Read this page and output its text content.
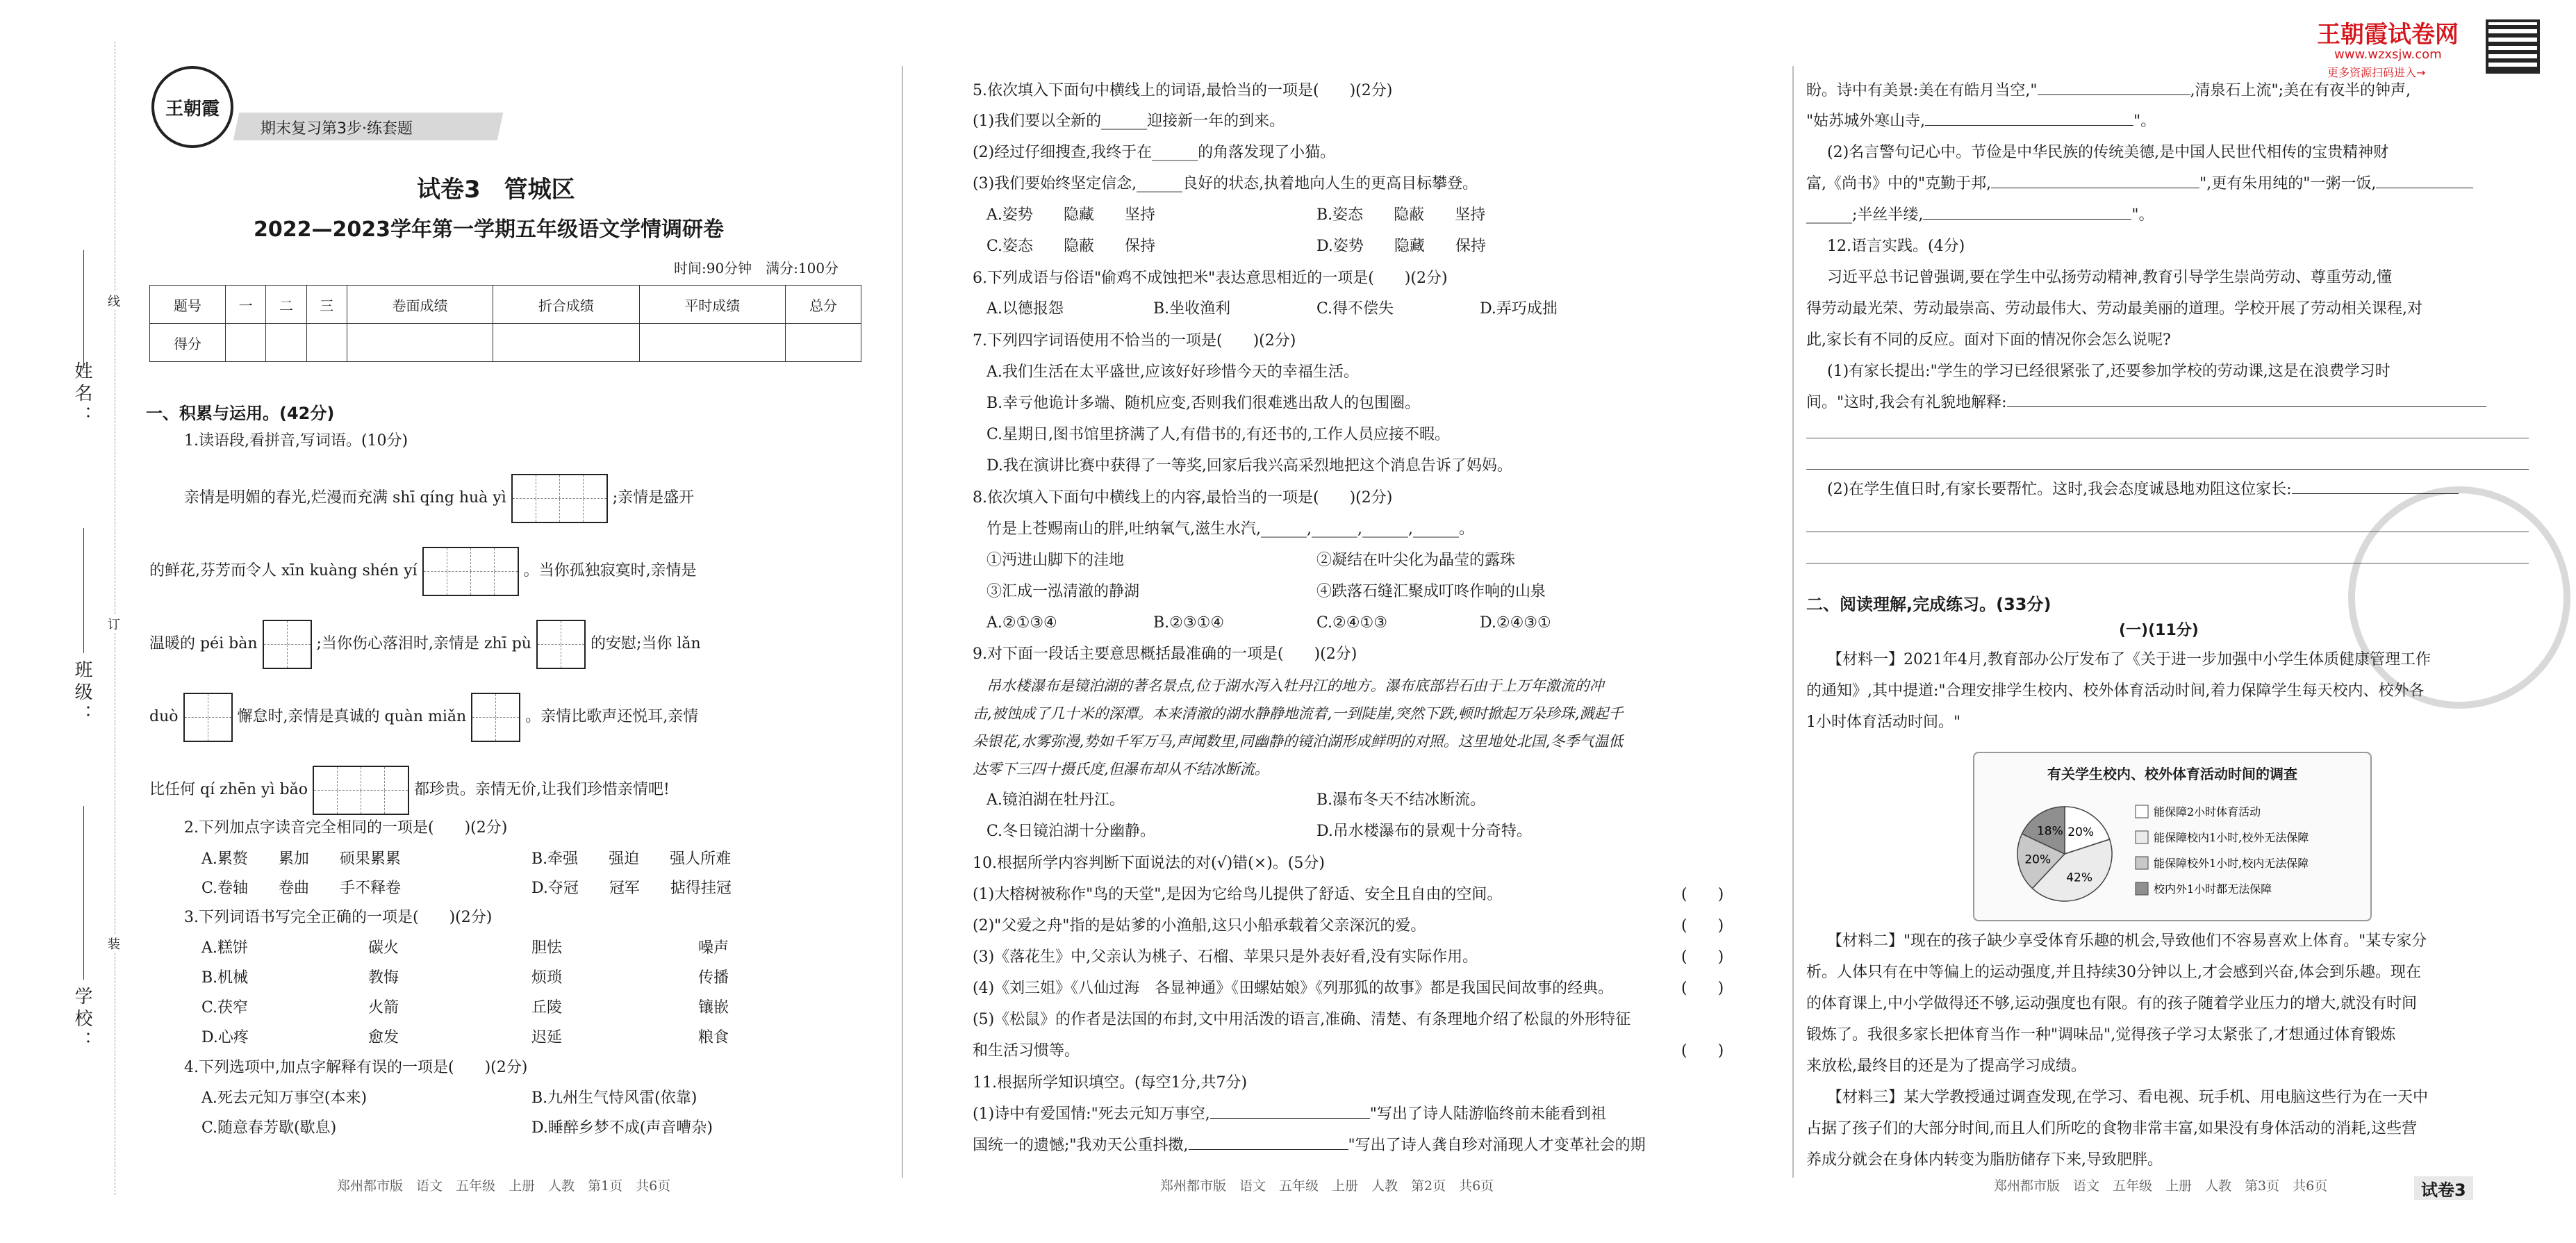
姓名：
班级：
学校：
线
订
装
王朝霞
期末复习第3步·练套题
试卷3　管城区
2022—2023学年第一学期五年级语文学情调研卷
时间:90分钟　满分:100分
题号	一	二	三	卷面成绩	折合成绩	平时成绩	总分
得分							
一、积累与运用。(42分)
1.读语段,看拼音,写词语。(10分)
亲情是明媚的春光,烂漫而充满 shī qíng huà yì	;亲情是盛开
的鲜花,芬芳而令人 xīn kuàng shén yí	。当你孤独寂寞时,亲情是
温暖的 péi bàn	;当你伤心落泪时,亲情是 zhī pù	的安慰;当你 lǎn
duò	懈怠时,亲情是真诚的 quàn miǎn	。亲情比歌声还悦耳,亲情
比任何 qí zhēn yì bǎo	都珍贵。亲情无价,让我们珍惜亲情吧!
2.下列加点字读音完全相同的一项是(　　)(2分)
A.累赘　　累加　　硕果累累	B.牵强　　强迫　　强人所难
C.卷轴　　卷曲　　手不释卷	D.夺冠　　冠军　　掂得挂冠
3.下列词语书写完全正确的一项是(　　)(2分)
A.糕饼	碳火	胆怯	噪声
B.机械	教悔	烦琐	传播
C.茯窄	火箭	丘陵	镶嵌
D.心疼	愈发	迟延	粮食
4.下列选项中,加点字解释有误的一项是(　　)(2分)
A.死去元知万事空(本来)	B.九州生气恃风雷(依靠)
C.随意春芳歇(歇息)	D.睡醉乡梦不成(声音嘈杂)
郑州都市版　语文　五年级　上册　人教　第1页　共6页
5.依次填入下面句中横线上的词语,最恰当的一项是(　　)(2分)
(1)我们要以全新的______迎接新一年的到来。
(2)经过仔细搜查,我终于在______的角落发现了小猫。
(3)我们要始终坚定信念,______良好的状态,执着地向人生的更高目标攀登。
A.姿势　　隐藏　　坚持	B.姿态　　隐蔽　　坚持
C.姿态　　隐蔽　　保持	D.姿势　　隐藏　　保持
6.下列成语与俗语"偷鸡不成蚀把米"表达意思相近的一项是(　　)(2分)
A.以德报怨	B.坐收渔利	C.得不偿失	D.弄巧成拙
7.下列四字词语使用不恰当的一项是(　　)(2分)
A.我们生活在太平盛世,应该好好珍惜今天的幸福生活。
B.幸亏他诡计多端、随机应变,否则我们很难逃出敌人的包围圈。
C.星期日,图书馆里挤满了人,有借书的,有还书的,工作人员应接不暇。
D.我在演讲比赛中获得了一等奖,回家后我兴高采烈地把这个消息告诉了妈妈。
8.依次填入下面句中横线上的内容,最恰当的一项是(　　)(2分)
竹是上苍赐南山的胖,吐纳氧气,滋生水汽,______,______,______,______。
①沔进山脚下的洼地	②凝结在叶尖化为晶莹的露珠
③汇成一泓清澈的静湖	④跌落石缝汇聚成叮咚作响的山泉
A.②①③④	B.②③①④	C.②④①③	D.②④③①
9.对下面一段话主要意思概括最准确的一项是(　　)(2分)
吊水楼瀑布是镜泊湖的著名景点,位于湖水泻入牡丹江的地方。瀑布底部岩石由于上万年激流的冲
击,被蚀成了几十米的深潭。本来清澈的湖水静静地流着,一到陡崖,突然下跌,顿时掀起万朵珍珠,溅起千
朵银花,水雾弥漫,势如千军万马,声闻数里,同幽静的镜泊湖形成鲜明的对照。这里地处北国,冬季气温低
达零下三四十摄氏度,但瀑布却从不结冰断流。
A.镜泊湖在牡丹江。	B.瀑布冬天不结冰断流。
C.冬日镜泊湖十分幽静。	D.吊水楼瀑布的景观十分奇特。
10.根据所学内容判断下面说法的对(√)错(×)。(5分)
(1)大榕树被称作"鸟的天堂",是因为它给鸟儿提供了舒适、安全且自由的空间。	(　　)
(2)"父爱之舟"指的是姑爹的小渔船,这只小船承载着父亲深沉的爱。	(　　)
(3)《落花生》中,父亲认为桃子、石榴、苹果只是外表好看,没有实际作用。	(　　)
(4)《刘三姐》《八仙过海　各显神通》《田螺姑娘》《列那狐的故事》都是我国民间故事的经典。	(　　)
(5)《松鼠》的作者是法国的布封,文中用活泼的语言,准确、清楚、有条理地介绍了松鼠的外形特征
和生活习惯等。	(　　)
11.根据所学知识填空。(每空1分,共7分)
(1)诗中有爱国情:"死去元知万事空,	"写出了诗人陆游临终前未能看到祖
国统一的遗憾;"我劝天公重抖擞,	"写出了诗人龚自珍对涌现人才变革社会的期
郑州都市版　语文　五年级　上册　人教　第2页　共6页
王朝霞试卷网
www.wzxsjw.com
更多资源扫码进入→
盼。诗中有美景:美在有皓月当空,"	,清泉石上流";美在有夜半的钟声,
"姑苏城外寒山寺,	"。
(2)名言警句记心中。节俭是中华民族的传统美德,是中国人民世代相传的宝贵精神财
富,《尚书》中的"克勤于邦,	",更有朱用纯的"一粥一饭,
______;半丝半缕,	"。
12.语言实践。(4分)
习近平总书记曾强调,要在学生中弘扬劳动精神,教育引导学生崇尚劳动、尊重劳动,懂
得劳动最光荣、劳动最崇高、劳动最伟大、劳动最美丽的道理。学校开展了劳动相关课程,对
此,家长有不同的反应。面对下面的情况你会怎么说呢?
(1)有家长提出:"学生的学习已经很紧张了,还要参加学校的劳动课,这是在浪费学习时
间。"这时,我会有礼貌地解释:
(2)在学生值日时,有家长要帮忙。这时,我会态度诚恳地劝阻这位家长:
二、阅读理解,完成练习。(33分)
(一)(11分)
【材料一】2021年4月,教育部办公厅发布了《关于进一步加强中小学生体质健康管理工作
的通知》,其中提道:"合理安排学生校内、校外体育活动时间,着力保障学生每天校内、校外各
1小时体育活动时间。"
有关学生校内、校外体育活动时间的调查
20%
42%
20%
18%
能保障2小时体育活动
能保障校内1小时,校外无法保障
能保障校外1小时,校内无法保障
校内外1小时都无法保障
【材料二】"现在的孩子缺少享受体育乐趣的机会,导致他们不容易喜欢上体育。"某专家分
析。人体只有在中等偏上的运动强度,并且持续30分钟以上,才会感到兴奋,体会到乐趣。现在
的体育课上,中小学做得还不够,运动强度也有限。有的孩子随着学业压力的增大,就没有时间
锻炼了。我很多家长把体育当作一种"调味品",觉得孩子学习太紧张了,才想通过体育锻炼
来放松,最终目的还是为了提高学习成绩。
【材料三】某大学教授通过调查发现,在学习、看电视、玩手机、用电脑这些行为在一天中
占据了孩子们的大部分时间,而且人们所吃的食物非常丰富,如果没有身体活动的消耗,这些营
养成分就会在身体内转变为脂肪储存下来,导致肥胖。
郑州都市版　语文　五年级　上册　人教　第3页　共6页	试卷3
